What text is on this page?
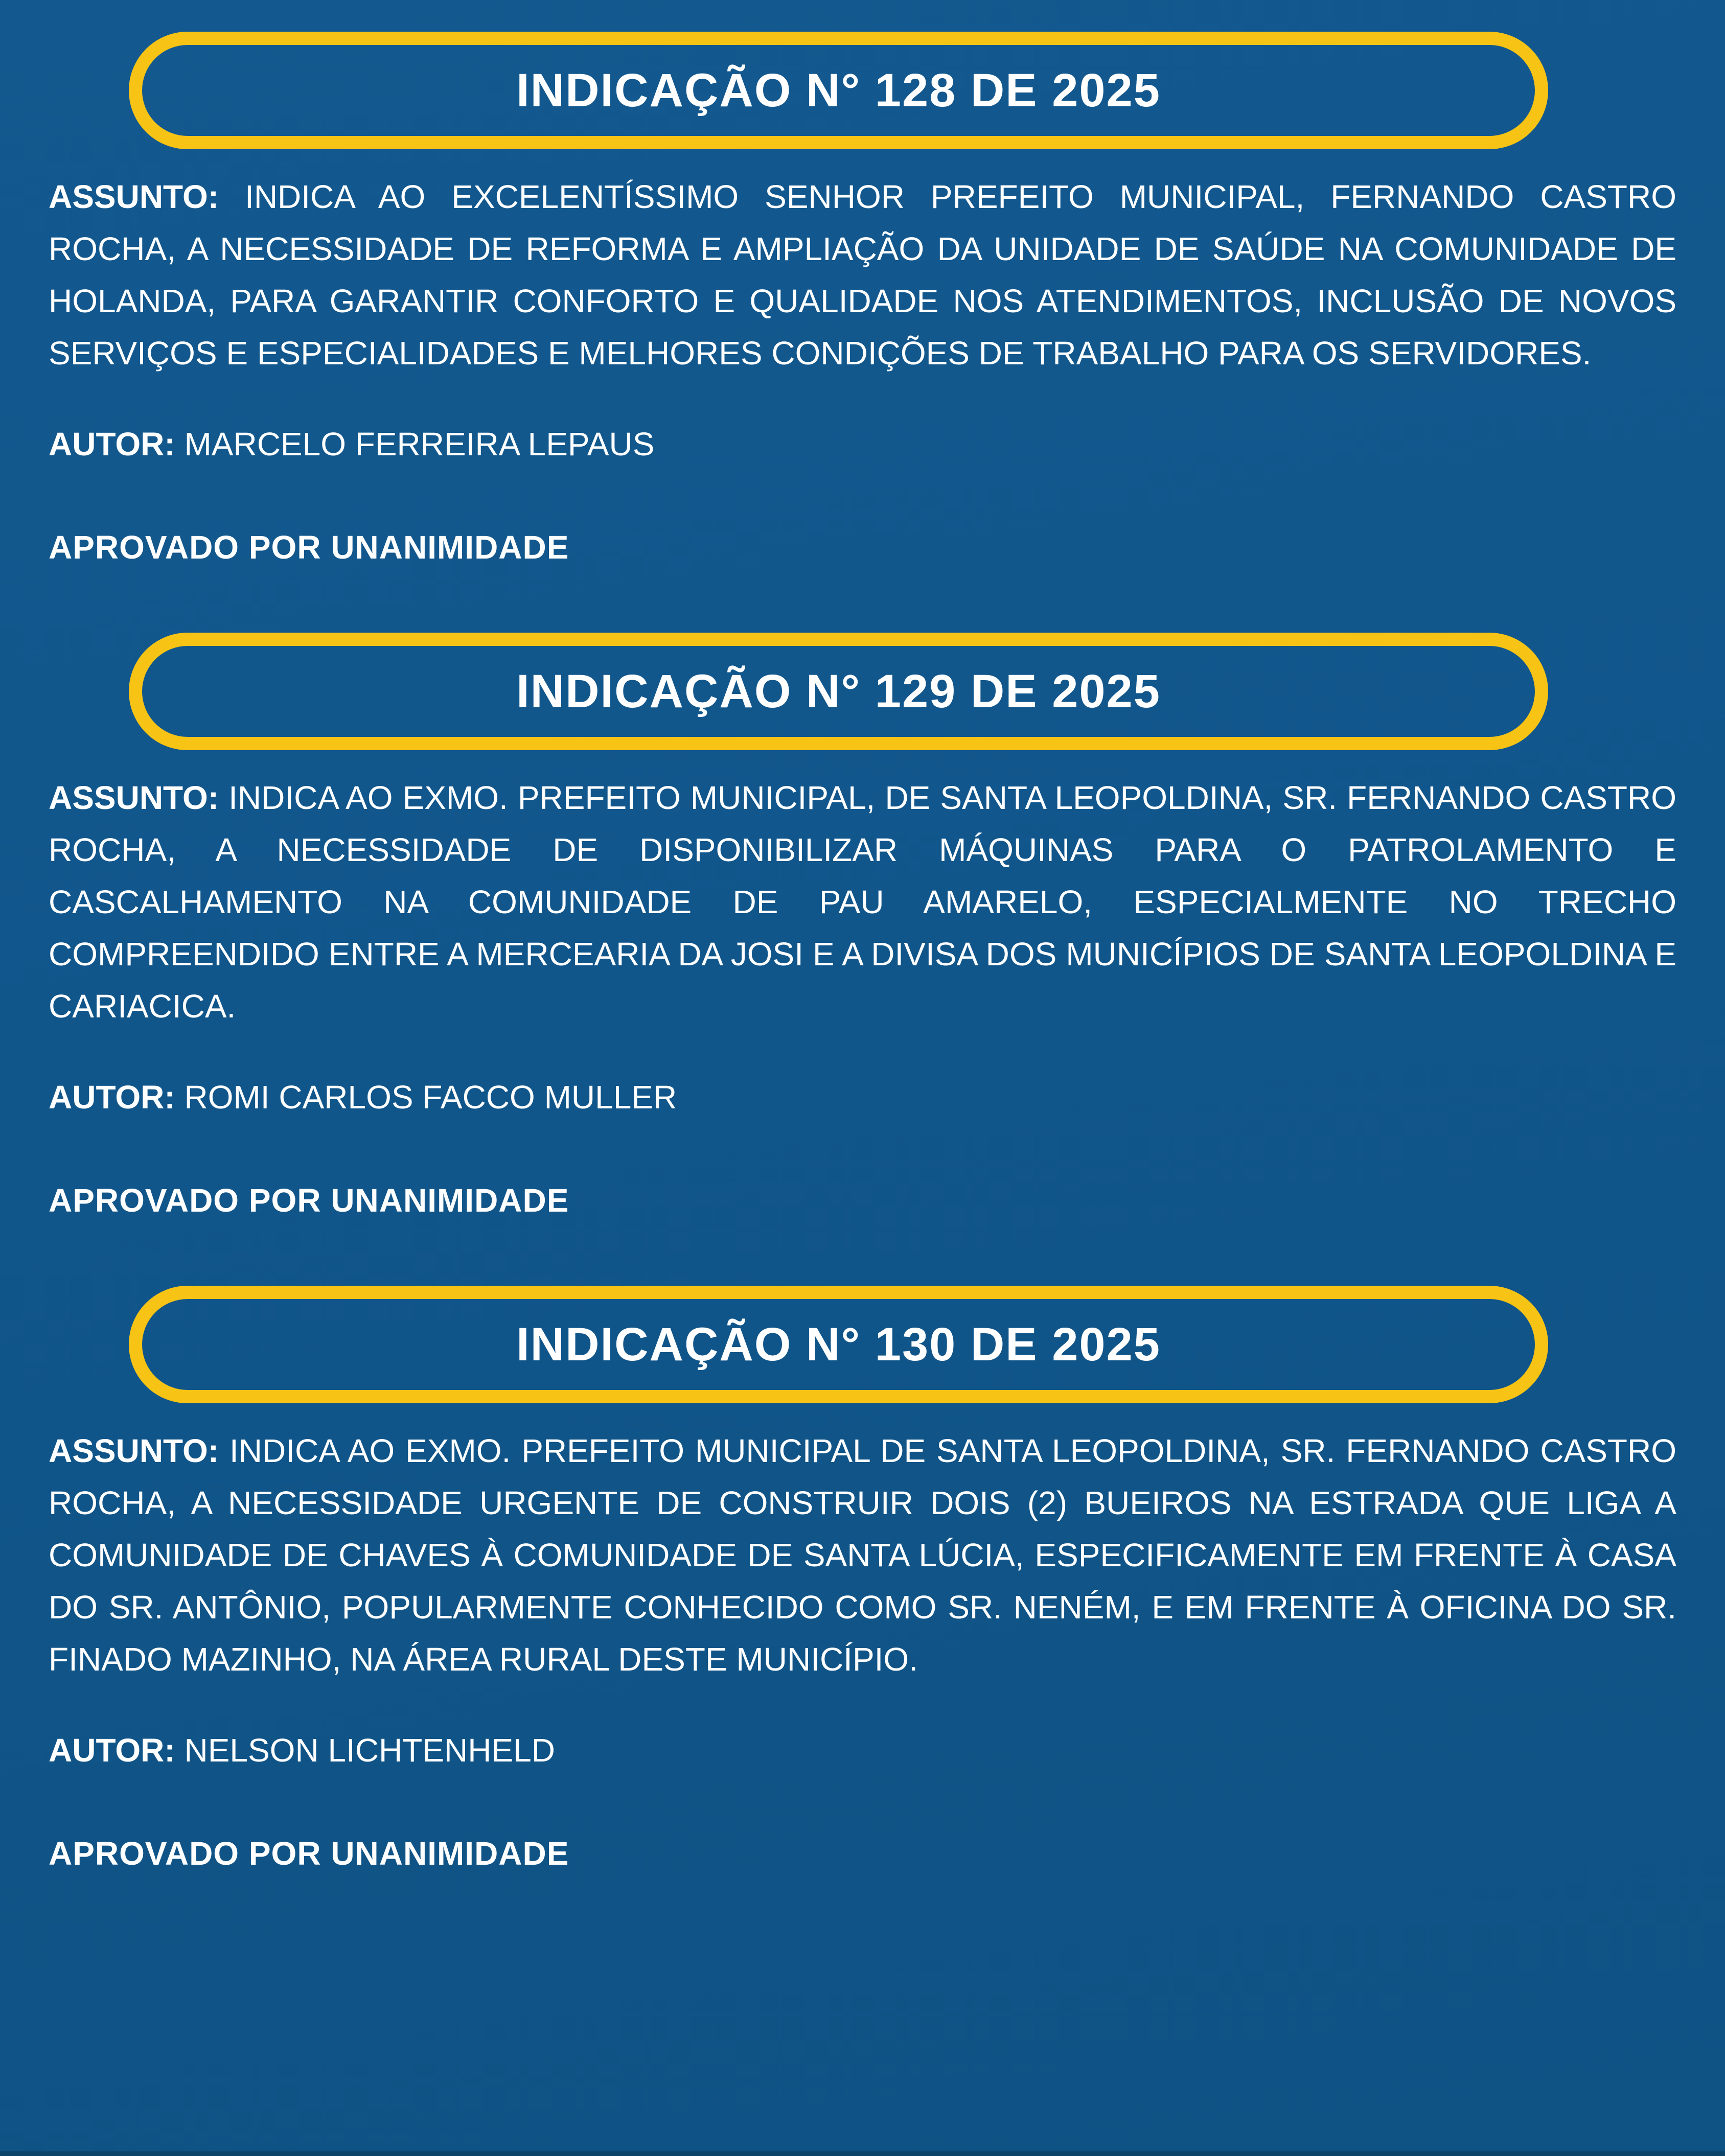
INDICAÇÃO N° 128 DE 2025

ASSUNTO: INDICA AO EXCELENTÍSSIMO SENHOR PREFEITO MUNICIPAL, FERNANDO CASTRO ROCHA, A NECESSIDADE DE REFORMA E AMPLIAÇÃO DA UNIDADE DE SAÚDE NA COMUNIDADE DE HOLANDA, PARA GARANTIR CONFORTO E QUALIDADE NOS ATENDIMENTOS, INCLUSÃO DE NOVOS SERVIÇOS E ESPECIALIDADES E MELHORES CONDIÇÕES DE TRABALHO PARA OS SERVIDORES.

AUTOR: MARCELO FERREIRA LEPAUS

APROVADO POR UNANIMIDADE

INDICAÇÃO N° 129 DE 2025

ASSUNTO: INDICA AO EXMO. PREFEITO MUNICIPAL, DE SANTA LEOPOLDINA, SR. FERNANDO CASTRO ROCHA, A NECESSIDADE DE DISPONIBILIZAR MÁQUINAS PARA O PATROLAMENTO E CASCALHAMENTO NA COMUNIDADE DE PAU AMARELO, ESPECIALMENTE NO TRECHO COMPREENDIDO ENTRE A MERCEARIA DA JOSI E A DIVISA DOS MUNICÍPIOS DE SANTA LEOPOLDINA E CARIACICA.

AUTOR: ROMI CARLOS FACCO MULLER

APROVADO POR UNANIMIDADE

INDICAÇÃO N° 130 DE 2025

ASSUNTO: INDICA AO EXMO. PREFEITO MUNICIPAL DE SANTA LEOPOLDINA, SR. FERNANDO CASTRO ROCHA, A NECESSIDADE URGENTE DE CONSTRUIR DOIS (2) BUEIROS NA ESTRADA QUE LIGA A COMUNIDADE DE CHAVES À COMUNIDADE DE SANTA LÚCIA, ESPECIFICAMENTE EM FRENTE À CASA DO SR. ANTÔNIO, POPULARMENTE CONHECIDO COMO SR. NENÉM, E EM FRENTE À OFICINA DO SR. FINADO MAZINHO, NA ÁREA RURAL DESTE MUNICÍPIO.

AUTOR: NELSON LICHTENHELD

APROVADO POR UNANIMIDADE
